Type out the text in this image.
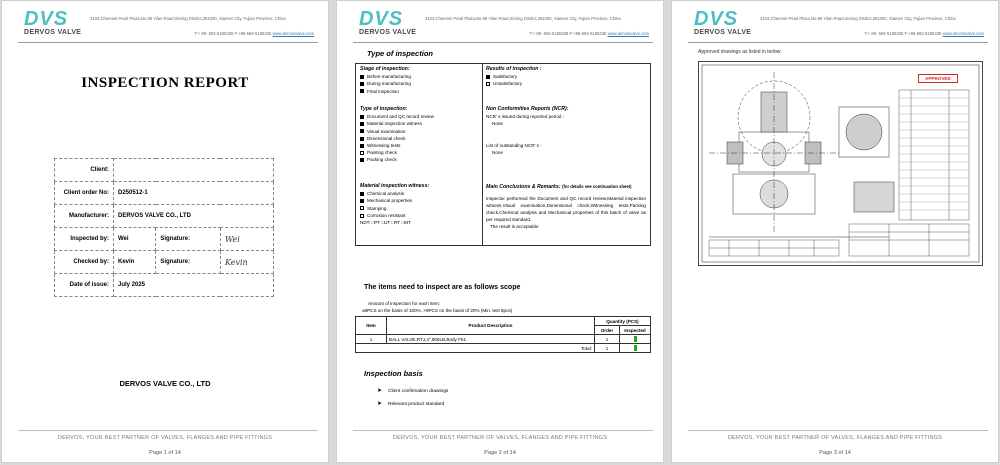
DVS
DERVOS VALVE
3104,Chenmei Pearl Plaza,No.99 Yilan Road,Siming District,361000, Xiamen City, Fujian Province, China
T:+ 86- 592-5185338 F:+86-592-5185335 www.dervosvalve.com
INSPECTION REPORT
Client:			
Client order No:	D250512-1		
Manufacturer:	DERVOS VALVE CO., LTD		
Inspected by:	Wei	Signature:	Wei
Checked by:	Kevin	Signature:	Kevin
Date of issue:	July 2025		
DERVOS VALVE CO., LTD
DERVOS, YOUR BEST PARTNER OF VALVES, FLANGES AND PIPE FITTINGS
Page 1 of 14
DVS
DERVOS VALVE
3104,Chenmei Pearl Plaza,No.99 Yilan Road,Siming District,361000, Xiamen City, Fujian Province, China
T:+ 86- 592-5185338 F:+86-592-5185335 www.dervosvalve.com
Type of inspection
Stage of inspection:
Before manufacturing
During manufacturing
Final inspection
Results of inspection :
Satisfactory
Unsatisfactory
Type of inspection:
Document and QC record review
Material inspection witness
Visual examination
Dimensional check
Witnessing tests
Painting check
Packing check
Non Conformities Reports (NCR):
NCR' s issued during reported period :
None
List of outstanding NCR' s :
None
Material inspection witness:
Chemical analysis
Mechanical properties
Stamping
Corrosion resistant
NDT: □PT □UT □RT □MT
Main Conclusions & Remarks: (for details see continuation sheet)
Inspector performed the Document and QC record review,Material inspection witness,Visual examination,Dimensional check,Witnessing tests,Packing check,Chemical analysis and Mechanical properties of this batch of valve as per required standard.
The result is acceptable
The items need to inspect are as follows scope
Amount of inspection for each item:
≤9PCS on the basis of 100%, >9PCS on the basis of 20% (Min. test 5pcs)
Item	Product Description	Quantity (PCS)	
		Order	Inspected
1	BALL VALVE,RTJ,4",900LB,Body F51	1	
Total:		1	
Inspection basis
➤ Client confirmation drawings
➤ Relevant product standard
DERVOS, YOUR BEST PARTNER OF VALVES, FLANGES AND PIPE FITTINGS
Page 2 of 14
DVS
DERVOS VALVE
3104,Chenmei Pearl Plaza,No.99 Yilan Road,Siming District,361000, Xiamen City, Fujian Province, China
T:+ 86- 592-5185338 F:+86-592-5185335 www.dervosvalve.com
Approved drawings as listed in below:
APPROVED
DERVOS, YOUR BEST PARTNER OF VALVES, FLANGES AND PIPE FITTINGS
Page 3 of 14
